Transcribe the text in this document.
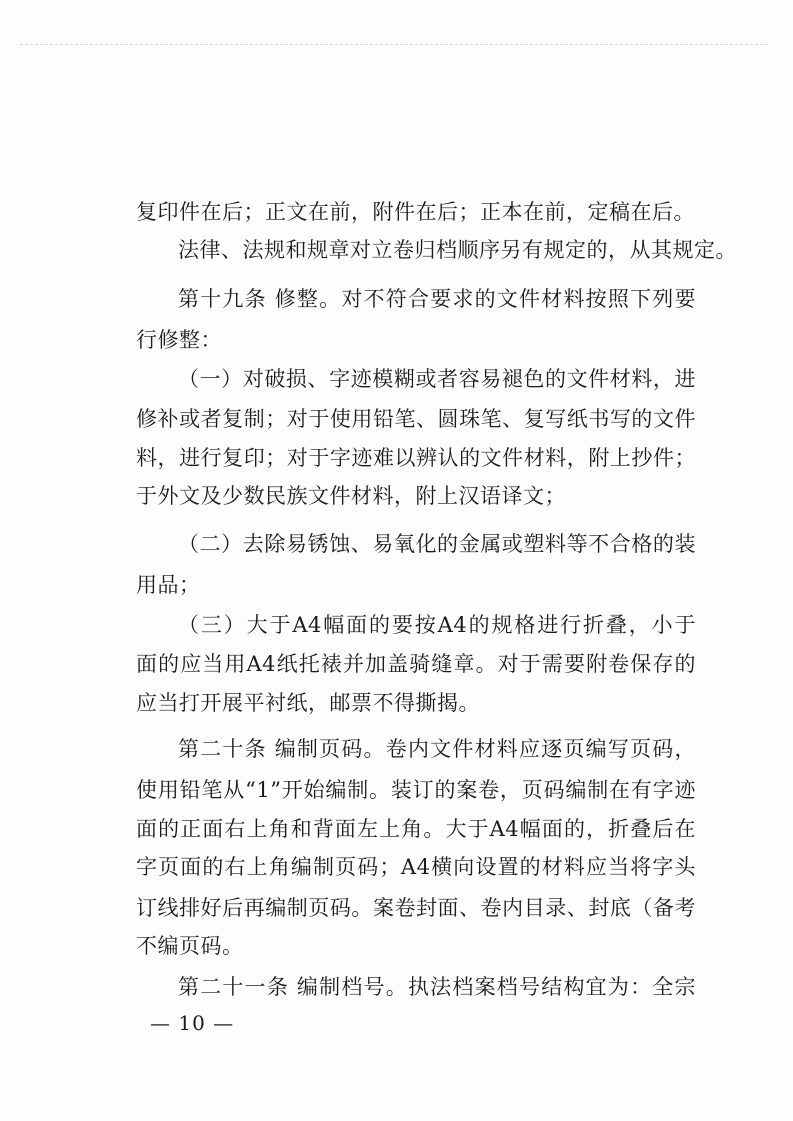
复印件在后；正文在前，附件在后；正本在前，定稿在后。
法律、法规和规章对立卷归档顺序另有规定的，从其规定。
第十九条 修整。对不符合要求的文件材料按照下列要
行修整：
（一）对破损、字迹模糊或者容易褪色的文件材料，进
修补或者复制；对于使用铅笔、圆珠笔、复写纸书写的文件
料，进行复印；对于字迹难以辨认的文件材料，附上抄件；
于外文及少数民族文件材料，附上汉语译文；
（二）去除易锈蚀、易氧化的金属或塑料等不合格的装
用品；
（三）大于A4幅面的要按A4的规格进行折叠，小于
面的应当用A4纸托裱并加盖骑缝章。对于需要附卷保存的
应当打开展平衬纸，邮票不得撕揭。
第二十条 编制页码。卷内文件材料应逐页编写页码，
使用铅笔从“1”开始编制。装订的案卷，页码编制在有字迹
面的正面右上角和背面左上角。大于A4幅面的，折叠后在
字页面的右上角编制页码；A4横向设置的材料应当将字头
订线排好后再编制页码。案卷封面、卷内目录、封底（备考
不编页码。
第二十一条 编制档号。执法档案档号结构宜为：全宗
— 10 —
